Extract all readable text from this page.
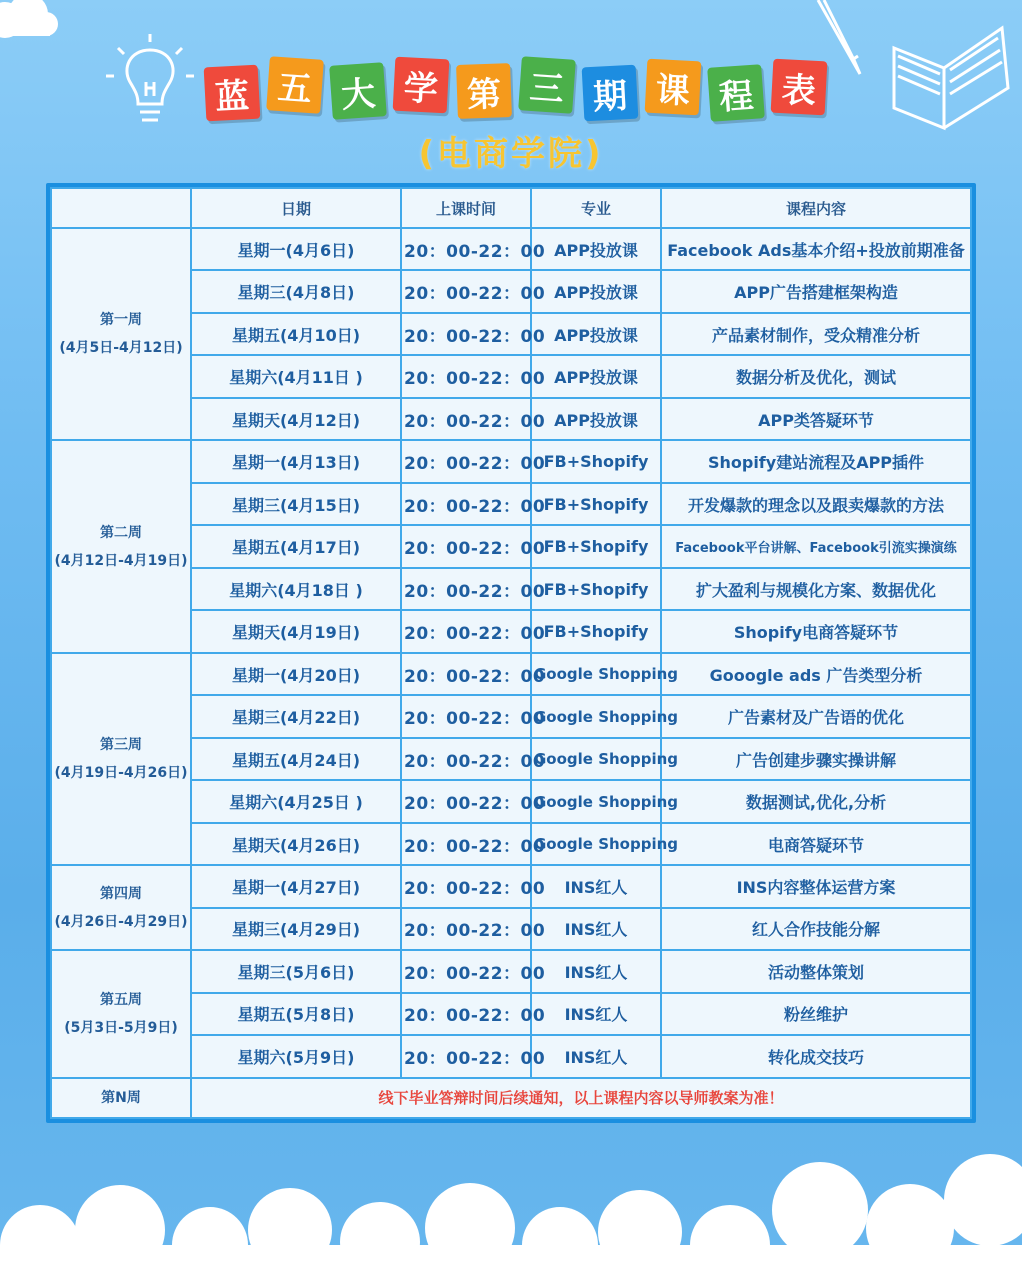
蓝 五 大 学 第 三 期 课 程 表
(电商学院)
	日期	上课时间	专业	课程内容

第一周
(4月5日-4月12日)	星期一(4月6日)	20：00-22：00	APP投放课	Facebook Ads基本介绍+投放前期准备
	星期三(4月8日)	20：00-22：00	APP投放课	APP广告搭建框架构造
	星期五(4月10日)	20：00-22：00	APP投放课	产品素材制作，受众精准分析
	星期六(4月11日 )	20：00-22：00	APP投放课	数据分析及优化，测试
	星期天(4月12日)	20：00-22：00	APP投放课	APP类答疑环节

第二周
(4月12日-4月19日)	星期一(4月13日)	20：00-22：00	FB+Shopify	Shopify建站流程及APP插件
	星期三(4月15日)	20：00-22：00	FB+Shopify	开发爆款的理念以及跟卖爆款的方法
	星期五(4月17日)	20：00-22：00	FB+Shopify	Facebook平台讲解、Facebook引流实操演练
	星期六(4月18日 )	20：00-22：00	FB+Shopify	扩大盈利与规模化方案、数据优化
	星期天(4月19日)	20：00-22：00	FB+Shopify	Shopify电商答疑环节

第三周
(4月19日-4月26日)	星期一(4月20日)	20：00-22：00	Google Shopping	Gooogle ads 广告类型分析
	星期三(4月22日)	20：00-22：00	Google Shopping	广告素材及广告语的优化
	星期五(4月24日)	20：00-22：00	Google Shopping	广告创建步骤实操讲解
	星期六(4月25日 )	20：00-22：00	Google Shopping	数据测试,优化,分析
	星期天(4月26日)	20：00-22：00	Google Shopping	电商答疑环节

第四周
(4月26日-4月29日)	星期一(4月27日)	20：00-22：00	INS红人	INS内容整体运营方案
	星期三(4月29日)	20：00-22：00	INS红人	红人合作技能分解

第五周
(5月3日-5月9日)	星期三(5月6日)	20：00-22：00	INS红人	活动整体策划
	星期五(5月8日)	20：00-22：00	INS红人	粉丝维护
	星期六(5月9日)	20：00-22：00	INS红人	转化成交技巧
第N周	线下毕业答辩时间后续通知，以上课程内容以导师教案为准！			
